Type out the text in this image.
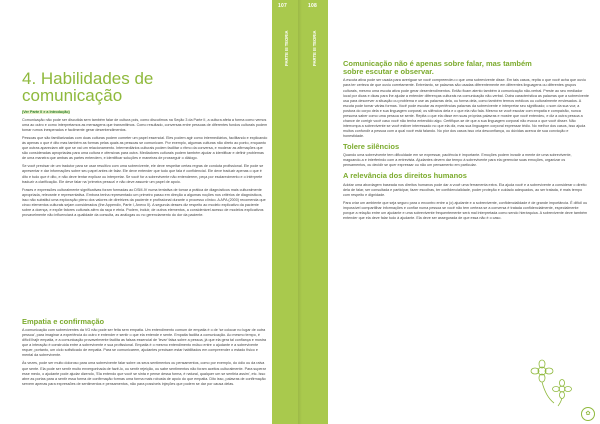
107
PARTE III TEORIA
4. Habilidades de
comunicação

(Ver Parte II e a Introdução)

Comunicação não pode ser discutida sem também falar de cultura pois, como discutimos na Seção 3 da Parte II, a cultura afeta a forma como vemos uma ao outro e como interpretamos as mensagens que transmitimos. Como resultado, conversas entre pessoas de diferentes fundos culturais podem tomar rumos inesperados e facilmente gerar desentendimentos.

Pessoas que são familiarizadas com duas culturas podem cometer um papel essencial. Eles podem agir como intermediários, facilitando e explicando ás apenas o que é dito mas também as formas pelas quais as pessoas se comunicam. Por exemplo, algumas culturas não direto ao ponto, enquanto que outras apareciam até que se vai um relacionamento. Intermediários culturais podem facilitar o ritmo da conversa, e moderar as afirmações que são consideradas apropriadas para uma cultura e ofensivas para outra. Mediadores culturais podem também ajudar a identificar e definir problemas de uma maneira que ambas as partes entendem, e identificar soluções e maneiras de prosseguir o diálogo.

Se você precisar de um tradutor para se usar resultivo com uma sobrevivente, ele deve respeitar certas regras de conduta profissional. Ele pode se apresentar e dar informações sobre seu papel antes de falar. Ele deve entender que tudo que fala é confidencial. Ele deve traduzir apenas o que é dito e tudo que é dito, e não deve tentar explicar ou interpretar. Se você for a sobrevivente não entenderem, peça por esclarecimento e o intérprete traduzir a clarificação. Ele deve falar na 'primeira pessoa' e não deve assumir um papel de apoio.

Frases e expressões culturalmente significativas foram formadas ao DSM-IV numa tentativa de tomar a prática de diagnósticos mais culturalmente apropriada, relevante e representativa. Embora tenha representado um primeiro passo em direção a algumas noções nos critérios de diagnósticos, isso não substitui uma exploração pleno dos valores de diretrizes da paciente e profissional durante o processo clínico. A APA (2000) recomenda que cinco elementos culturais sejam considerados (the Appendix, Parte I, Anexo II). A segunda desses diz respeito ao modelo explicativo da paciente sobre a doença, e expõe fatores culturais além da raça e etnia. Podem, incluir, de outros elementos, a considerável acesso de modelos explicativos provavelmente não influenciará a qualidade da consulta, as análogas ou no gerenciamento do dor da paciente.

Empatia e confirmação

A comunicação com sobreviventes da VG não pode ser feita sem empatia. Um entendimento comum de empatia é o de 'se colocar no lugar de outra pessoa', para imaginar a experiência do outro e entender e sentir o que ela entende e sente. Empatia facilita a comunicação. Ao mesmo tempo, é difícil lhajir empatia, e a comunicação provavelmente facilita as falsas essencial de 'levar' falsa sobre a pessoa, já que ela gera tal confiança e mostra que a interação é construída entre a sobrevivente e sua profissional. Empatia é o mesmo entendimento mútuo entre o ajudante e a sobrevivente requer, portanto, um ciclo sofisticado de empatia. Para se comunicarem, ajudantes precisam estar habilitados em compreender o estado físico e mental da sobrevivente.

Às vezes, pode ser muito doloroso para uma sobrevivente falar sobre os seus sentimentos ou pensamentos, como por exemplo, do ódio ou da raiva que sente. Ela pode ser sentir muito envergonhada de fazê-lo, ou sentir rejeição, ou sabe sentimentos não foram aceitos culturalmente. Para superar esse medo, o ajudante pode ajudar dizendo, 'Ela entendo que você se sinta e pense dessa forma, é natural, qualquer um se sentiria assim', etc. Isso abre as portas para a sentir essa forma de confirmação formas uma forma mais robusta de apoio do que empatia. Dito isso, palavras de confirmação servem apenas para expressões de sentimentos e pensamentos, não para possíveis injeções que podem se dar por causa delas.

108
PARTE III TEORIA	Comunicação não é apenas sobre falar, mas também
sobre escutar e observar.

A escuta ativa pode ser usada para averiguar se você compreendeu o que uma sobrevivente disse. Em tais casos, repita o que você acha que ouviu para ter certeza de que ouviu corretamente. Entretanto, se palavras são usadas diferentemente em diferentes linguagens ou diferentes grupos culturais, mesmo uma escuta ativa pode gerar desentendimentos. Então ficam atento também à comunicação não-verbal. Preste ao seu mediador local por dicas e dicas para lhe ajudar a entender diferenças culturais na comunicação não-verbal. Outra característica as palavras que a sobrevivente usa para descrever a situação ou problema e use as palavras dela, ou forma dela, como também termos médicos ou culturalmente enviesados. A escuta pode tomar várias formas. Você pode escutar as experiências palavras da sobrevivente e interpretar seu significado; o som da sua voz; a postura do corpo dela e sua linguagem corporal; os silêncios dela e o que ela não fala. Mesmo se você escutar com empatia e compaixão, nunca presuma saber como uma pessoa se sente. Repita o que ela disse em suas próprias palavras e mostre que você entendeu, e diz a outra pessoa a chance de corrigir você caso você não tenha entendido algo. Certifique-se de que a sua linguagem corporal não evoca o que você disser. Não interrompa a sobrevivente se você estiver interessado no que ela diz, mas sua linguagem corporal expressar tédio. No melhor dos casos, isso ajuda muitos confundir a pessoa com a qual você está falando. No pior dos casos isso cria desconfiança, ou dúvidas acerca de sua convicção e honestidade.

Tolere silêncios

Quando uma sobrevivente tem dificuldade em se expressar, paciência é importante. Emoções podem invadir a mente de uma sobrevivente, magoando-a e interferindo com a entrevista. Ajudantes devem dar tempo à sobrevivente para ela gerenciar suas emoções, organizar os pensamentos, ou decidir se quer expressar ou não um pensamento em particular.

A relevância dos direitos humanos

Adotar uma abordagem baseada nos direitos humanos pode dar a você uma ferramenta extra. Ela ajuda você e a sobrevivente a considerar o direito dela de falar, ser consultada e participar, fazer escolhas, ter confidencialidade, poder proteção e cuidado adequados, ao ser tratada, é mais tempo com respeito e dignidade.

Para criar um ambiente que seja seguro para o encontro entre a (o) ajudante e a sobrevivente, confidencialidade é de grande importância. É difícil ou impossível compartilhar informações e confiar numa pessoa se você não tem certeza se a conversa é tratada confidencialmente, especialmente porque a relação entre um ajudante e uma sobrevivente frequentemente será mal interpretada como sendo hierárquica. A sobrevivente deve também entender que ela deve falar tudo à ajudante. Ela deve ser assegurada de que essa não é o caso.

✿
